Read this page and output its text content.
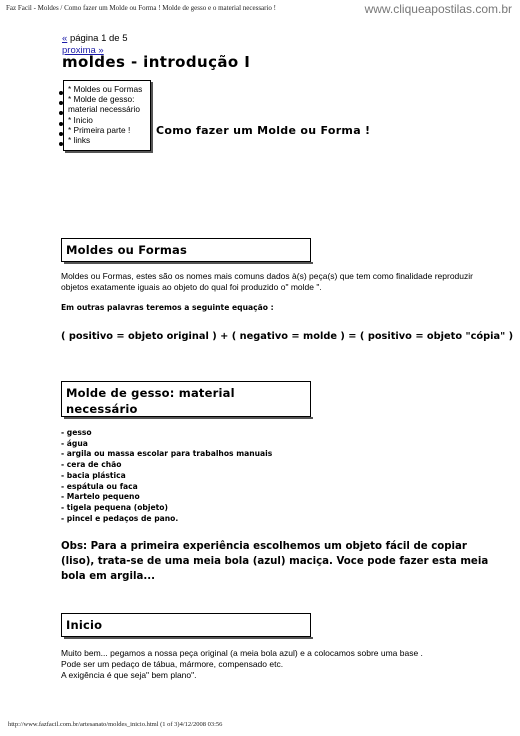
Faz Facil - Moldes / Como fazer um Molde ou Forma ! Molde de gesso e o material necessario !	www.cliqueapostilas.com.br
« página 1 de 5
proxima »
moldes - introdução I
* Moldes ou Formas
* Molde de gesso:
material necessário
* Inicio
* Primeira parte !
* links
Como fazer um Molde ou Forma !
Moldes ou Formas
Moldes ou Formas, estes são os nomes mais comuns dados à(s) peça(s) que tem como finalidade reproduzir
objetos exatamente iguais ao objeto do qual foi produzido o" molde ".
Em outras palavras teremos a seguinte equação :
( positivo = objeto original ) + ( negativo = molde ) = ( positivo = objeto "cópia" )
Molde de gesso: material
necessário
- gesso
- água
- argila ou massa escolar para trabalhos manuais
- cera de chão
- bacia plástica
- espátula ou faca
- Martelo pequeno
- tigela pequena (objeto)
- pincel e pedaços de pano.
Obs: Para a primeira experiência escolhemos um objeto fácil de copiar (liso), trata-se de uma meia bola (azul) maciça. Voce pode fazer esta meia bola em argila...
Inicio
Muito bem... pegamos a nossa peça original (a meia bola azul) e a colocamos sobre uma base .
Pode ser um pedaço de tábua, mármore, compensado etc.
A exigência é que seja" bem plano".
http://www.fazfacil.com.br/artesanato/moldes_inicio.html (1 of 3)4/12/2008 03:56
